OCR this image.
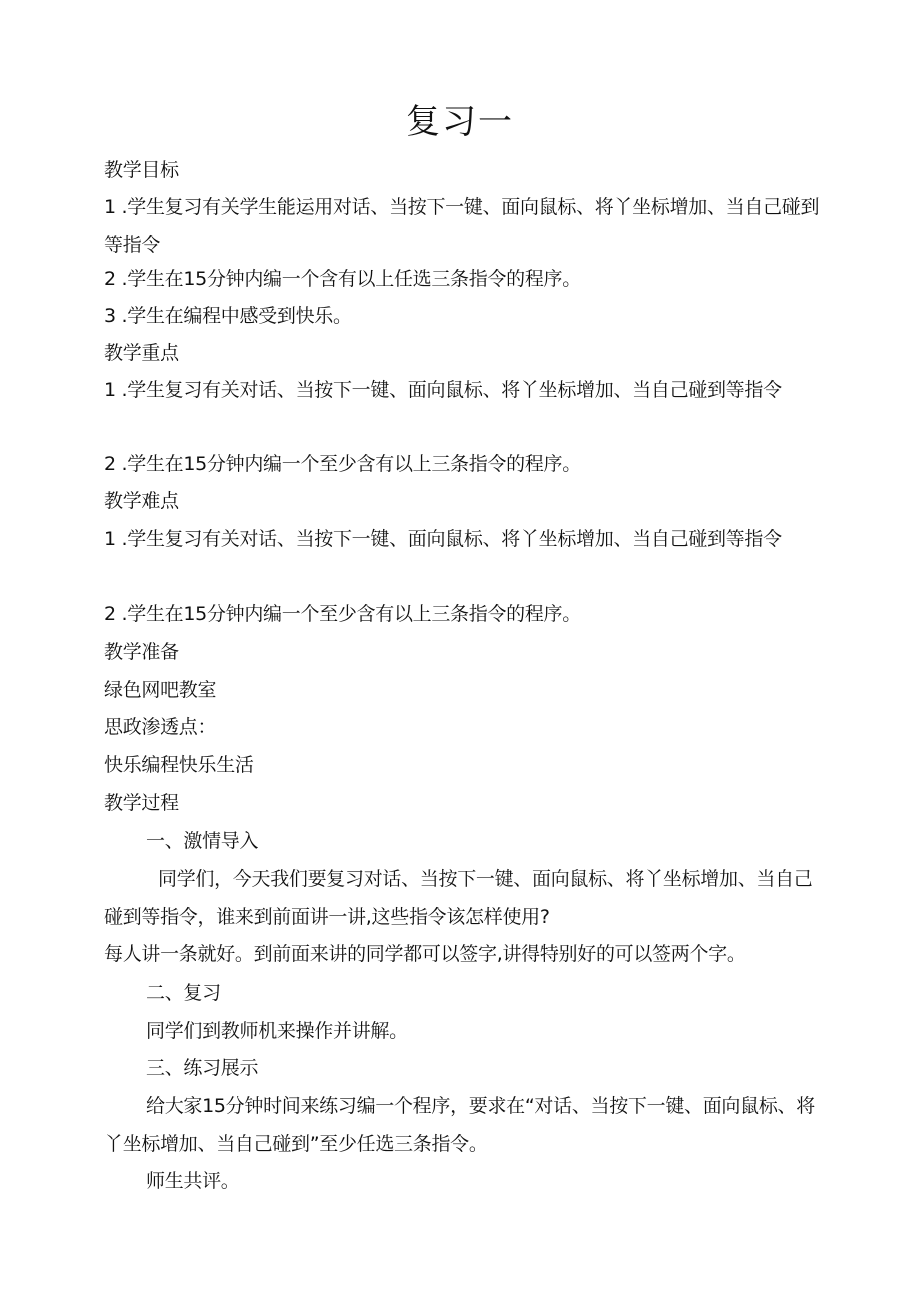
复习一
教学目标
1 .学生复习有关学生能运用对话、当按下一键、面向鼠标、将丫坐标增加、当自己碰到等指令
2 .学生在15分钟内编一个含有以上任选三条指令的程序。
3 .学生在编程中感受到快乐。
教学重点
1 .学生复习有关对话、当按下一键、面向鼠标、将丫坐标增加、当自己碰到等指令
2 .学生在15分钟内编一个至少含有以上三条指令的程序。
教学难点
1 .学生复习有关对话、当按下一键、面向鼠标、将丫坐标增加、当自己碰到等指令
2 .学生在15分钟内编一个至少含有以上三条指令的程序。
教学准备
绿色网吧教室
思政渗透点：
快乐编程快乐生活
教学过程
一、激情导入
同学们，今天我们要复习对话、当按下一键、面向鼠标、将丫坐标增加、当自己碰到等指令，谁来到前面讲一讲,这些指令该怎样使用?
每人讲一条就好。到前面来讲的同学都可以签字,讲得特别好的可以签两个字。
二、复习
同学们到教师机来操作并讲解。
三、练习展示
给大家15分钟时间来练习编一个程序，要求在“对话、当按下一键、面向鼠标、将丫坐标增加、当自己碰到”至少任选三条指令。
师生共评。
